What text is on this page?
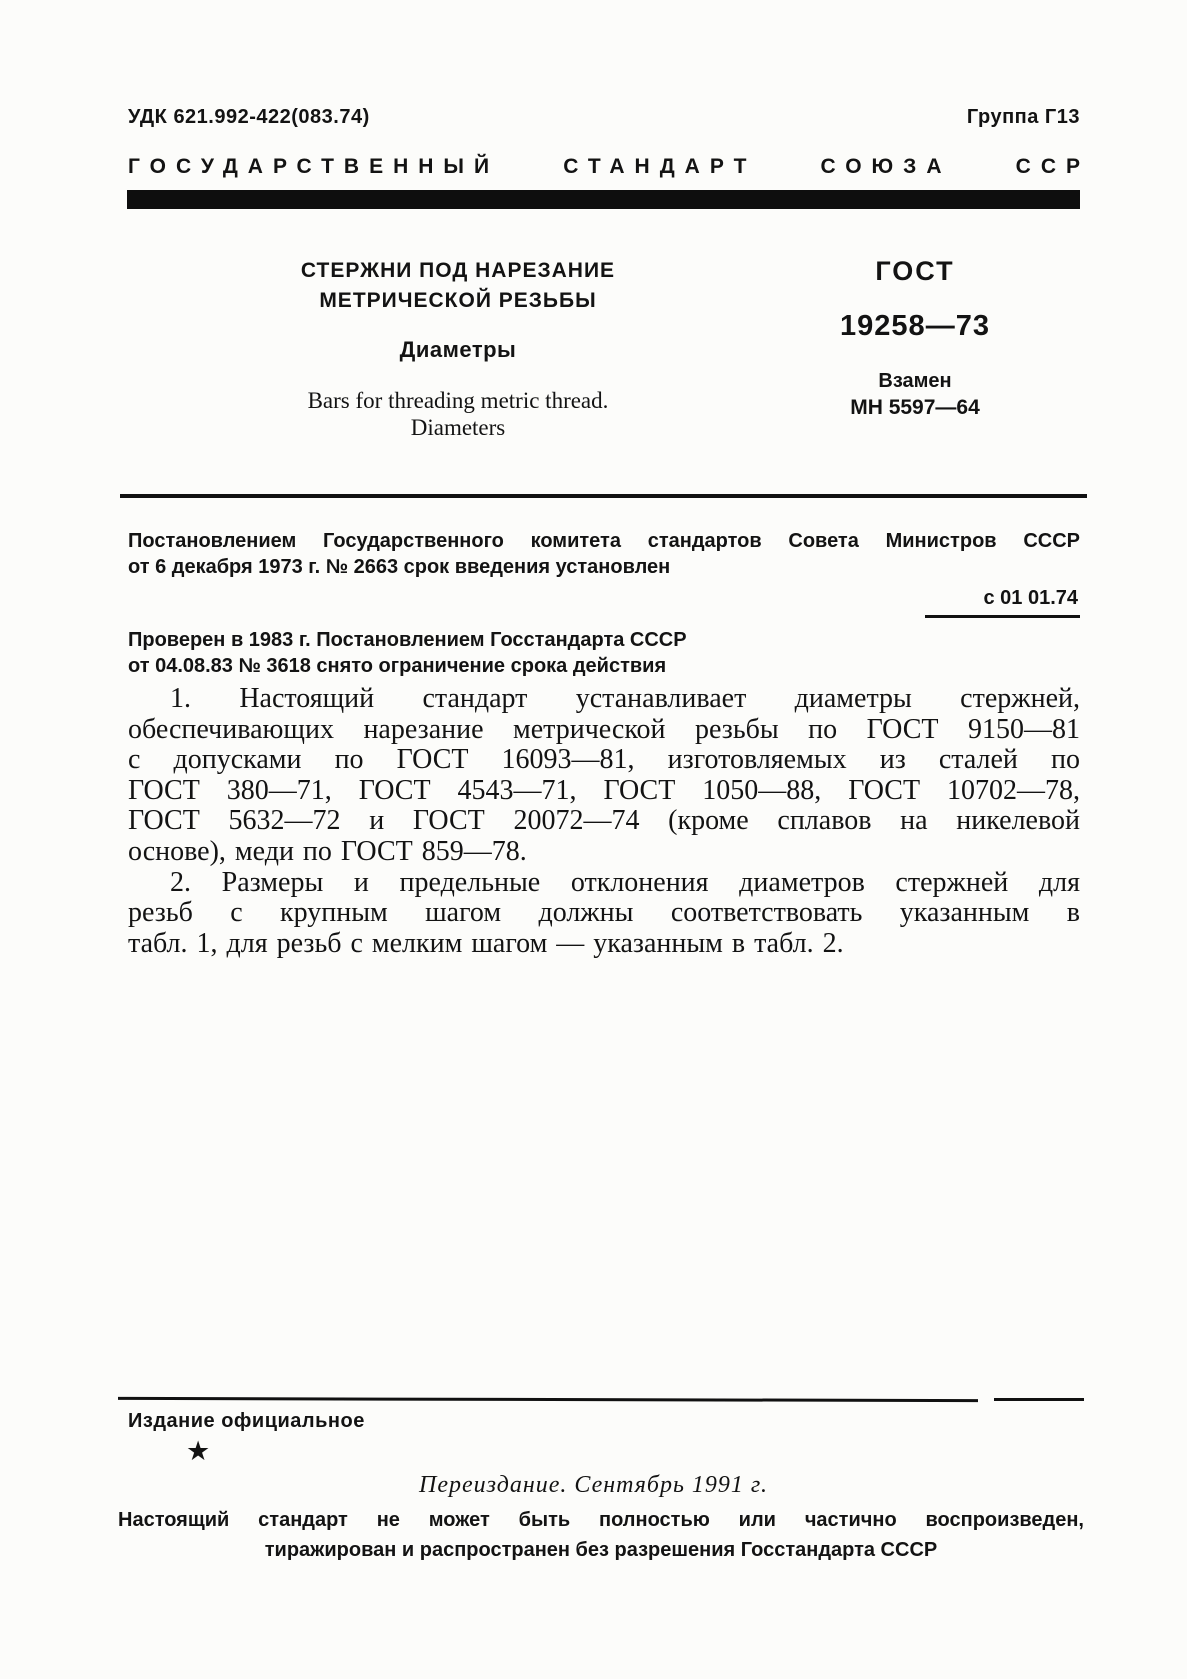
УДК 621.992-422(083.74)	Группа Г13
ГОСУДАРСТВЕННЫЙ	СТАНДАРТ	СОЮЗА	ССР
СТЕРЖНИ ПОД НАРЕЗАНИЕ
МЕТРИЧЕСКОЙ РЕЗЬБЫ
Диаметры
Bars for threading metric thread.
Diameters
ГОСТ
19258—73
Взамен
МН 5597—64
Постановлением Государственного комитета стандартов Совета Министров СССР
от 6 декабря 1973 г. № 2663 срок введения установлен
с 01 01.74
Проверен в 1983 г. Постановлением Госстандарта СССР
от 04.08.83 № 3618 снято ограничение срока действия
1. Настоящий стандарт устанавливает диаметры стержней,
обеспечивающих нарезание метрической резьбы по ГОСТ 9150—81
с допусками по ГОСТ 16093—81, изготовляемых из сталей по
ГОСТ 380—71, ГОСТ 4543—71, ГОСТ 1050—88, ГОСТ 10702—78,
ГОСТ 5632—72 и ГОСТ 20072—74 (кроме сплавов на никелевой
основе), меди по ГОСТ 859—78.
2. Размеры и предельные отклонения диаметров стержней для
резьб с крупным шагом должны соответствовать указанным в
табл. 1, для резьб с мелким шагом — указанным в табл. 2.
Издание официальное
★
Переиздание. Сентябрь 1991 г.
Настоящий стандарт не может быть полностью или частично воспроизведен,
тиражирован и распространен без разрешения Госстандарта СССР
